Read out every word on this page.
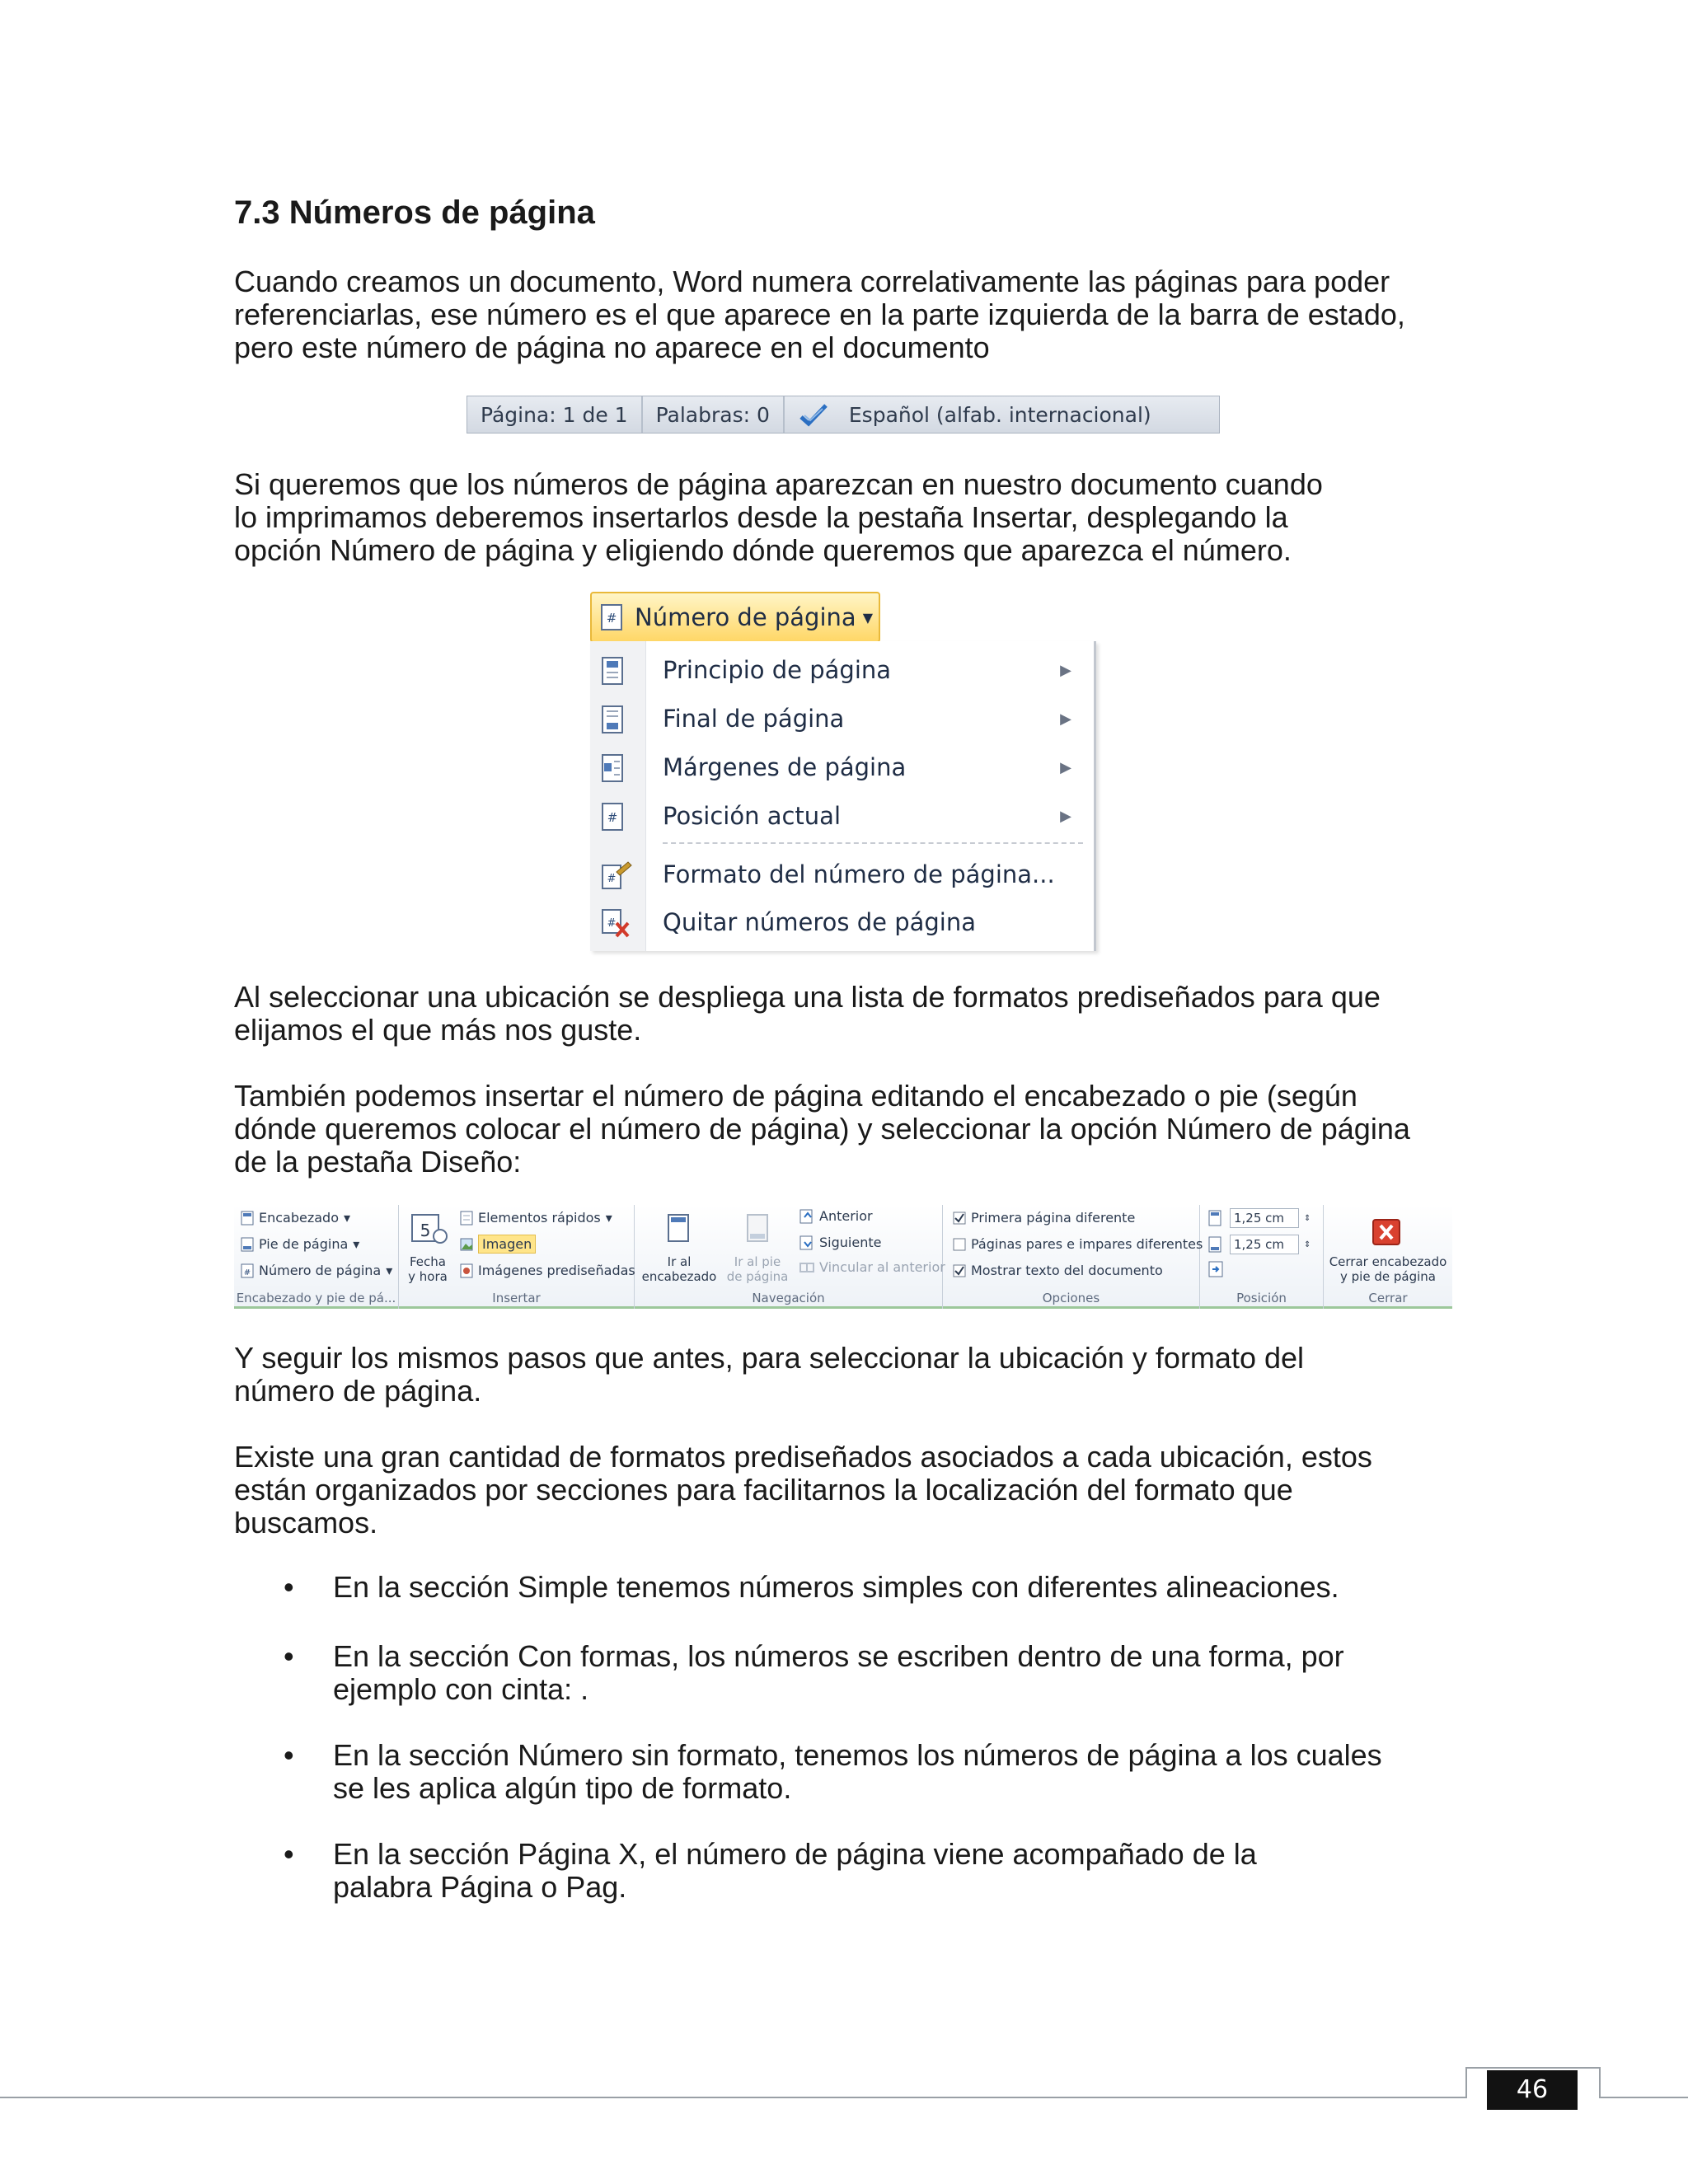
7.3 Números de página
Cuando creamos un documento, Word numera correlativamente las páginas para poder
referenciarlas, ese número es el que aparece en la parte izquierda de la barra de estado,
pero este número de página no aparece en el documento
Página: 1 de 1	Palabras: 0	Español (alfab. internacional)
Si queremos que los números de página aparezcan en nuestro documento cuando
lo imprimamos deberemos insertarlos desde la pestaña Insertar, desplegando la
opción Número de página y eligiendo dónde queremos que aparezca el número.
# Número de página ▼
Principio de página	▶
Final de página	▶
Márgenes de página	▶
# Posición actual	▶
# Formato del número de página...
# Quitar números de página
Al seleccionar una ubicación se despliega una lista de formatos prediseñados para que
elijamos el que más nos guste.
También podemos insertar el número de página editando el encabezado o pie (según
dónde queremos colocar el número de página) y seleccionar la opción Número de página
de la pestaña Diseño:
Encabezado ▾
Pie de página ▾
# Número de página ▾
Encabezado y pie de pá...
5
Fecha
y hora
Elementos rápidos ▾
Imagen
Imágenes prediseñadas
Insertar
Ir al
encabezado
Ir al pie
de página
Anterior
Siguiente
Vincular al anterior
Navegación
Primera página diferente
Páginas pares e impares diferentes
Mostrar texto del documento
Opciones
1,25 cm	⇕
1,25 cm	⇕
Posición
Cerrar encabezado
y pie de página
Cerrar
Y seguir los mismos pasos que antes, para seleccionar la ubicación y formato del
número de página.
Existe una gran cantidad de formatos prediseñados asociados a cada ubicación, estos
están organizados por secciones para facilitarnos la localización del formato que
buscamos.
• En la sección Simple tenemos números simples con diferentes alineaciones.
• En la sección Con formas, los números se escriben dentro de una forma, por
ejemplo con cinta: .
• En la sección Número sin formato, tenemos los números de página a los cuales
se les aplica algún tipo de formato.
• En la sección Página X, el número de página viene acompañado de la
palabra Página o Pag.
46
